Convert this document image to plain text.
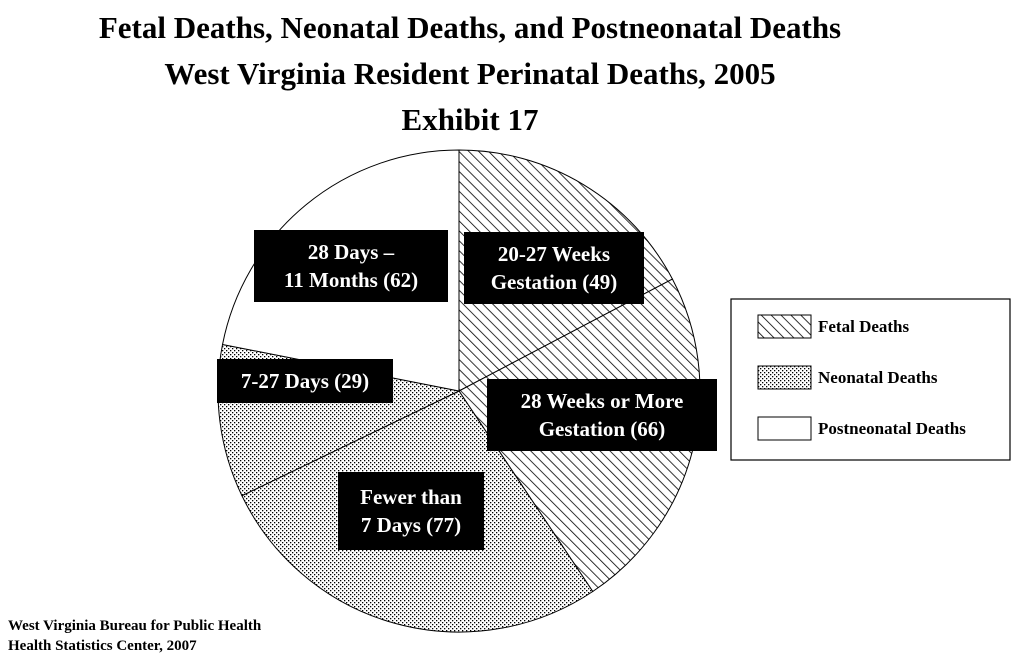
Fetal Deaths, Neonatal Deaths, and Postneonatal Deaths
West Virginia Resident Perinatal Deaths, 2005
Exhibit 17
20-27 Weeks
Gestation (49)
28 Weeks or More
Gestation (66)
Fewer than
7 Days (77)
7-27 Days (29)
28 Days –
11 Months (62)
Fetal Deaths
Neonatal Deaths
Postneonatal Deaths
West Virginia Bureau for Public Health
Health Statistics Center, 2007
